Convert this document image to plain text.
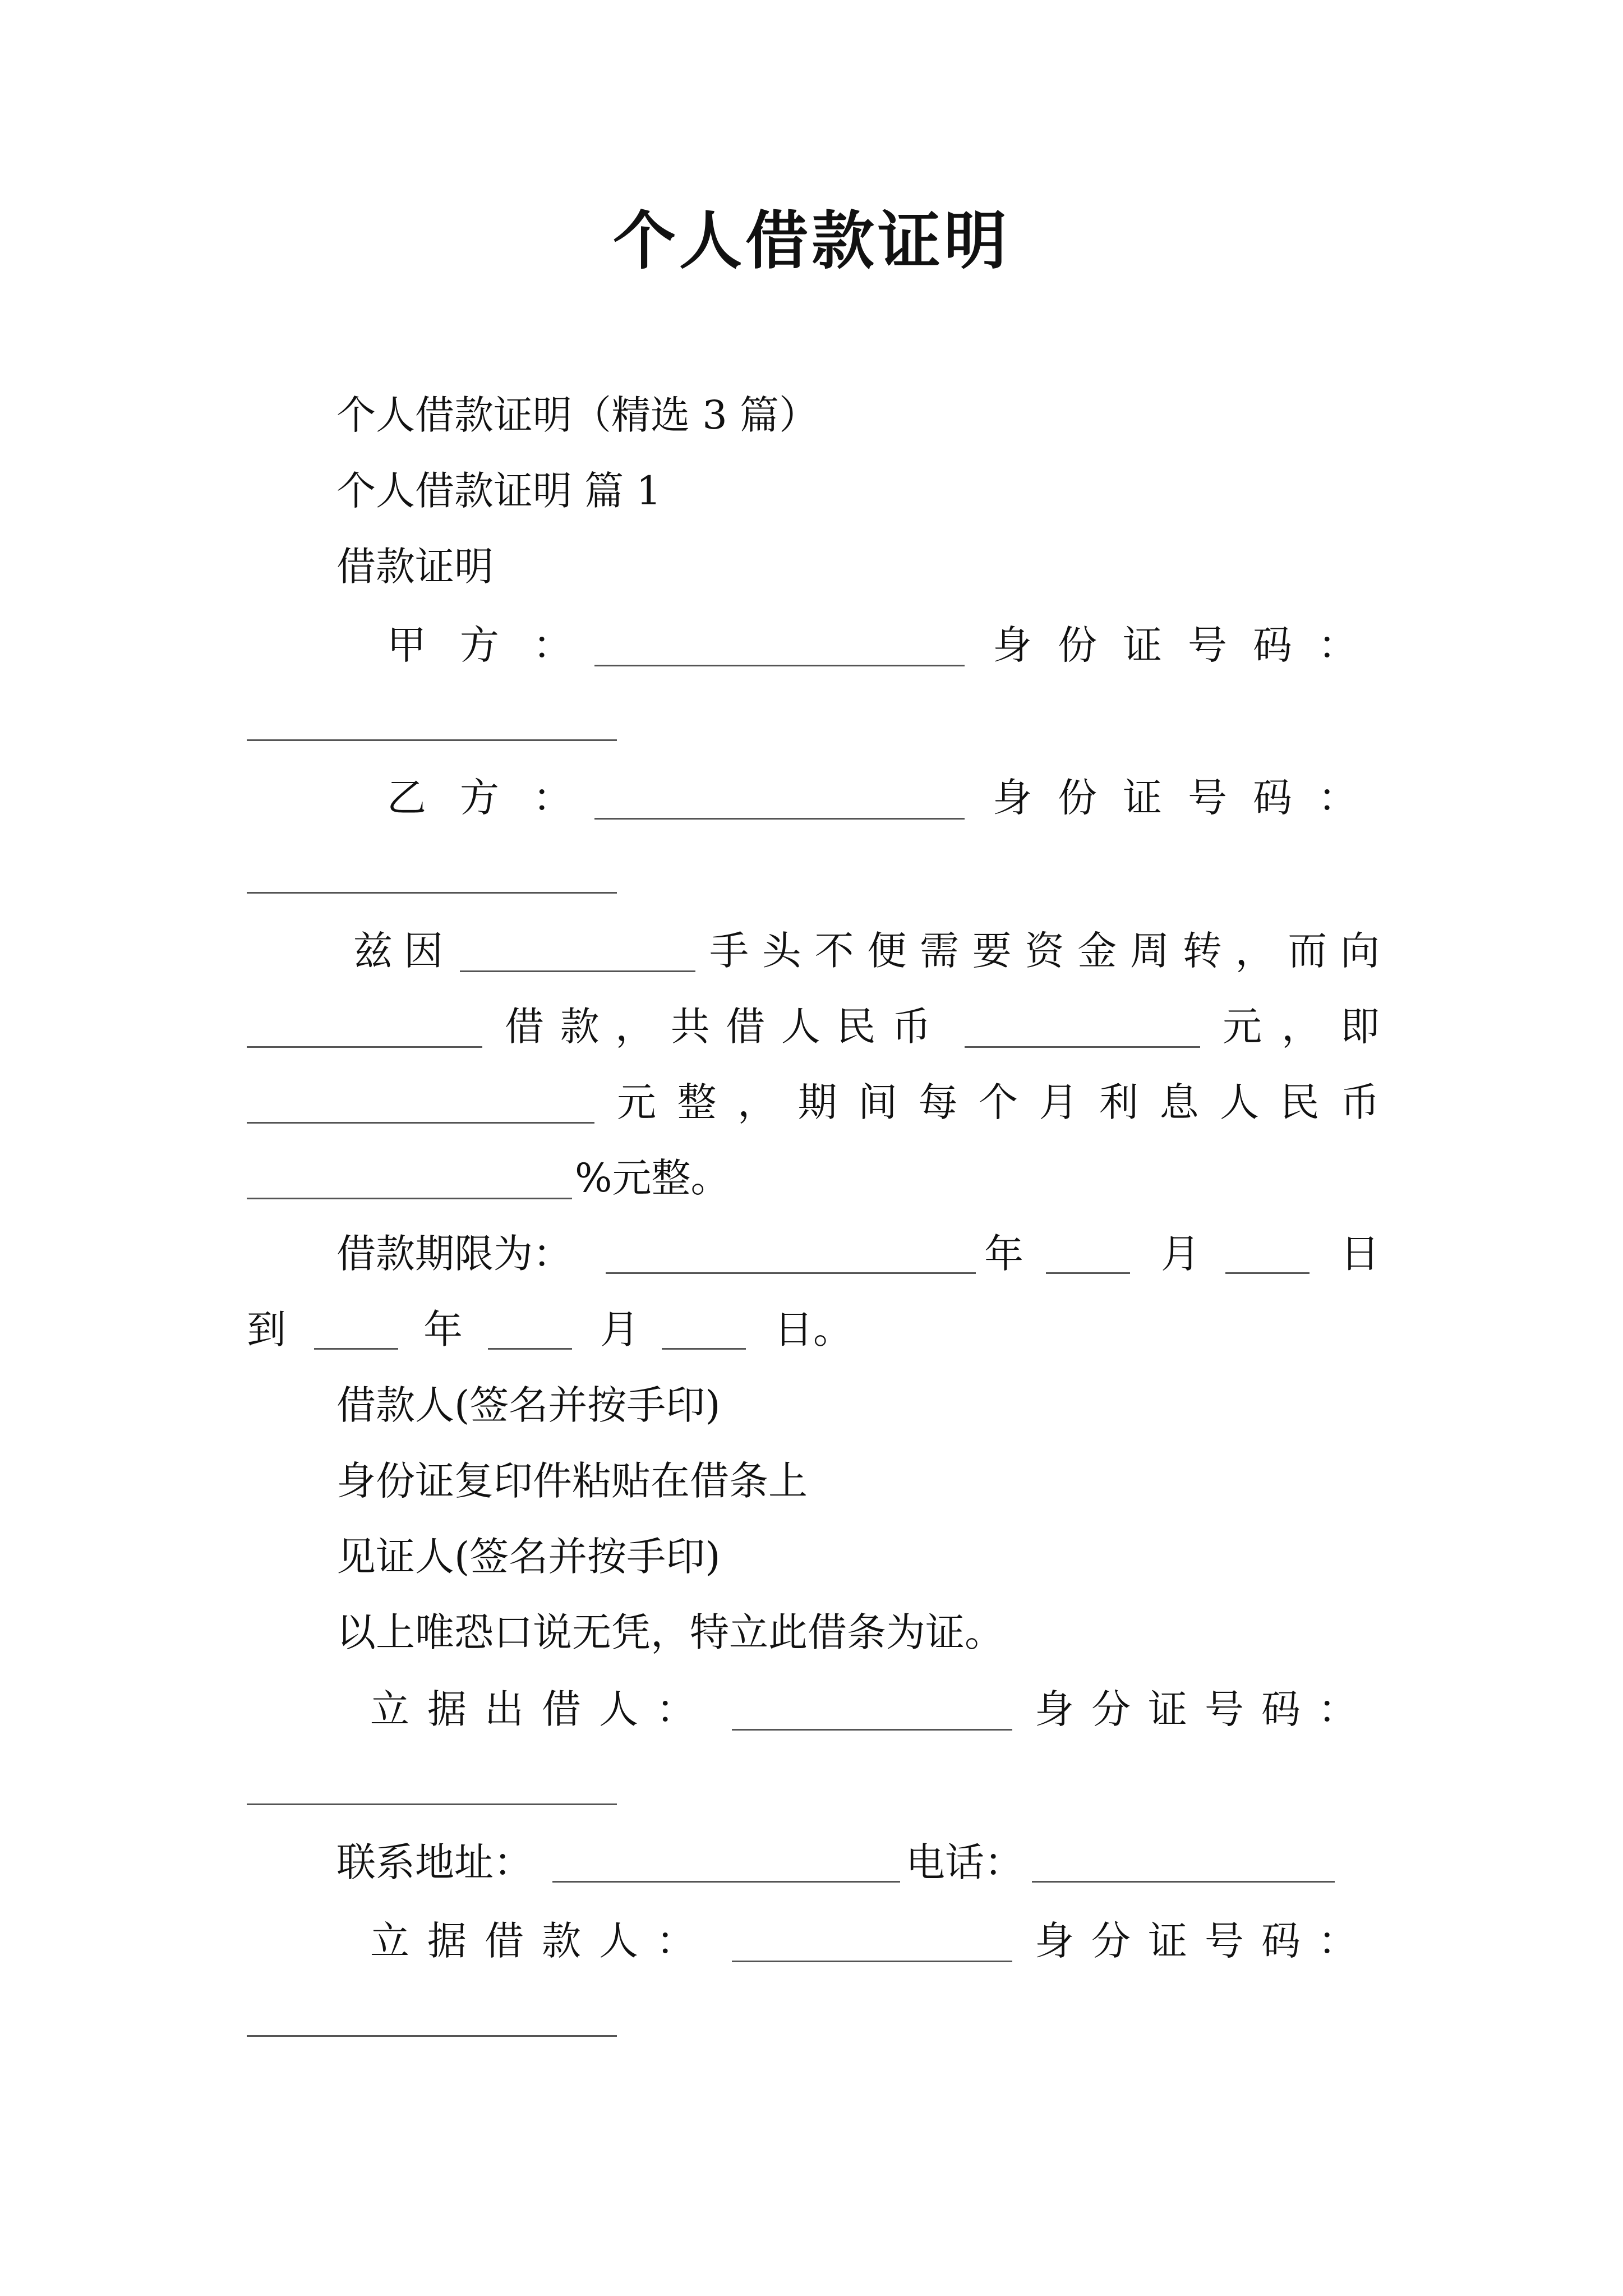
个人借款证明
个人借款证明（精选 3 篇）
个人借款证明 篇 1
借款证明
甲 方 ：	身 份 证 号 码 ：
乙 方 ：	身 份 证 号 码 ：
兹 因	手 头 不 便 需 要 资 金 周 转 ， 而 向
借 款 ， 共 借 人 民 币	元 ， 即
元 整 ， 期 间 每 个 月 利 息 人 民 币
%元整。
借款期限为：	年	月	日
到	年	月	日。
借款人(签名并按手印)
身份证复印件粘贴在借条上
见证人(签名并按手印)
以上唯恐口说无凭，特立此借条为证。
立 据 出 借 人 ：	身 分 证 号 码 ：
联系地址：	电话：
立 据 借 款 人 ：	身 分 证 号 码 ：
